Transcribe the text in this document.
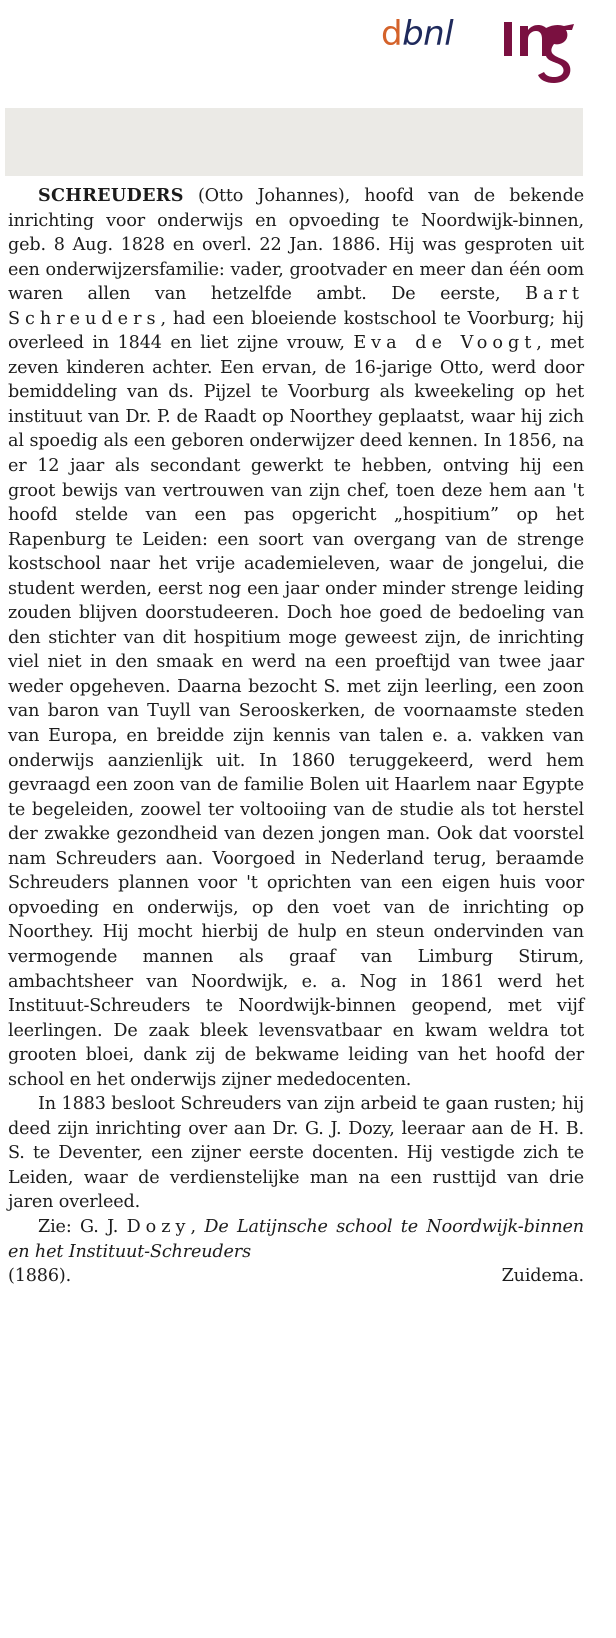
dbnl

SCHREUDERS (Otto Johannes), hoofd van de bekende inrichting voor onderwijs en opvoeding te Noordwijk-binnen, geb. 8 Aug. 1828 en overl. 22 Jan. 1886. Hij was gesproten uit een onderwijzersfamilie: vader, grootvader en meer dan één oom waren allen van hetzelfde ambt. De eerste, Bart Schreuders, had een bloeiende kostschool te Voorburg; hij overleed in 1844 en liet zijne vrouw, Eva de Voogt, met zeven kinderen achter. Een ervan, de 16-jarige Otto, werd door bemiddeling van ds. Pijzel te Voorburg als kweekeling op het instituut van Dr. P. de Raadt op Noorthey geplaatst, waar hij zich al spoedig als een geboren onderwijzer deed kennen. In 1856, na er 12 jaar als secondant gewerkt te hebben, ontving hij een groot bewijs van vertrouwen van zijn chef, toen deze hem aan 't hoofd stelde van een pas opgericht „hospitium” op het Rapenburg te Leiden: een soort van overgang van de strenge kostschool naar het vrije academieleven, waar de jongelui, die student werden, eerst nog een jaar onder minder strenge leiding zouden blijven doorstudeeren. Doch hoe goed de bedoeling van den stichter van dit hospitium moge geweest zijn, de inrichting viel niet in den smaak en werd na een proeftijd van twee jaar weder opgeheven. Daarna bezocht S. met zijn leerling, een zoon van baron van Tuyll van Serooskerken, de voornaamste steden van Europa, en breidde zijn kennis van talen e. a. vakken van onderwijs aanzienlijk uit. In 1860 teruggekeerd, werd hem gevraagd een zoon van de familie Bolen uit Haarlem naar Egypte te begeleiden, zoowel ter voltooiing van de studie als tot herstel der zwakke gezondheid van dezen jongen man. Ook dat voorstel nam Schreuders aan. Voorgoed in Nederland terug, beraamde Schreuders plannen voor 't oprichten van een eigen huis voor opvoeding en onderwijs, op den voet van de inrichting op Noorthey. Hij mocht hierbij de hulp en steun ondervinden van vermogende mannen als graaf van Limburg Stirum, ambachtsheer van Noordwijk, e. a. Nog in 1861 werd het Instituut-Schreuders te Noordwijk-binnen geopend, met vijf leerlingen. De zaak bleek levensvatbaar en kwam weldra tot grooten bloei, dank zij de bekwame leiding van het hoofd der school en het onderwijs zijner mededocenten.

In 1883 besloot Schreuders van zijn arbeid te gaan rusten; hij deed zijn inrichting over aan Dr. G. J. Dozy, leeraar aan de H. B. S. te Deventer, een zijner eerste docenten. Hij vestigde zich te Leiden, waar de verdienstelijke man na een rusttijd van drie jaren overleed.

Zie: G. J. Dozy, De Latijnsche school te Noordwijk-binnen en het Instituut-Schreuders

(1886).	Zuidema.
